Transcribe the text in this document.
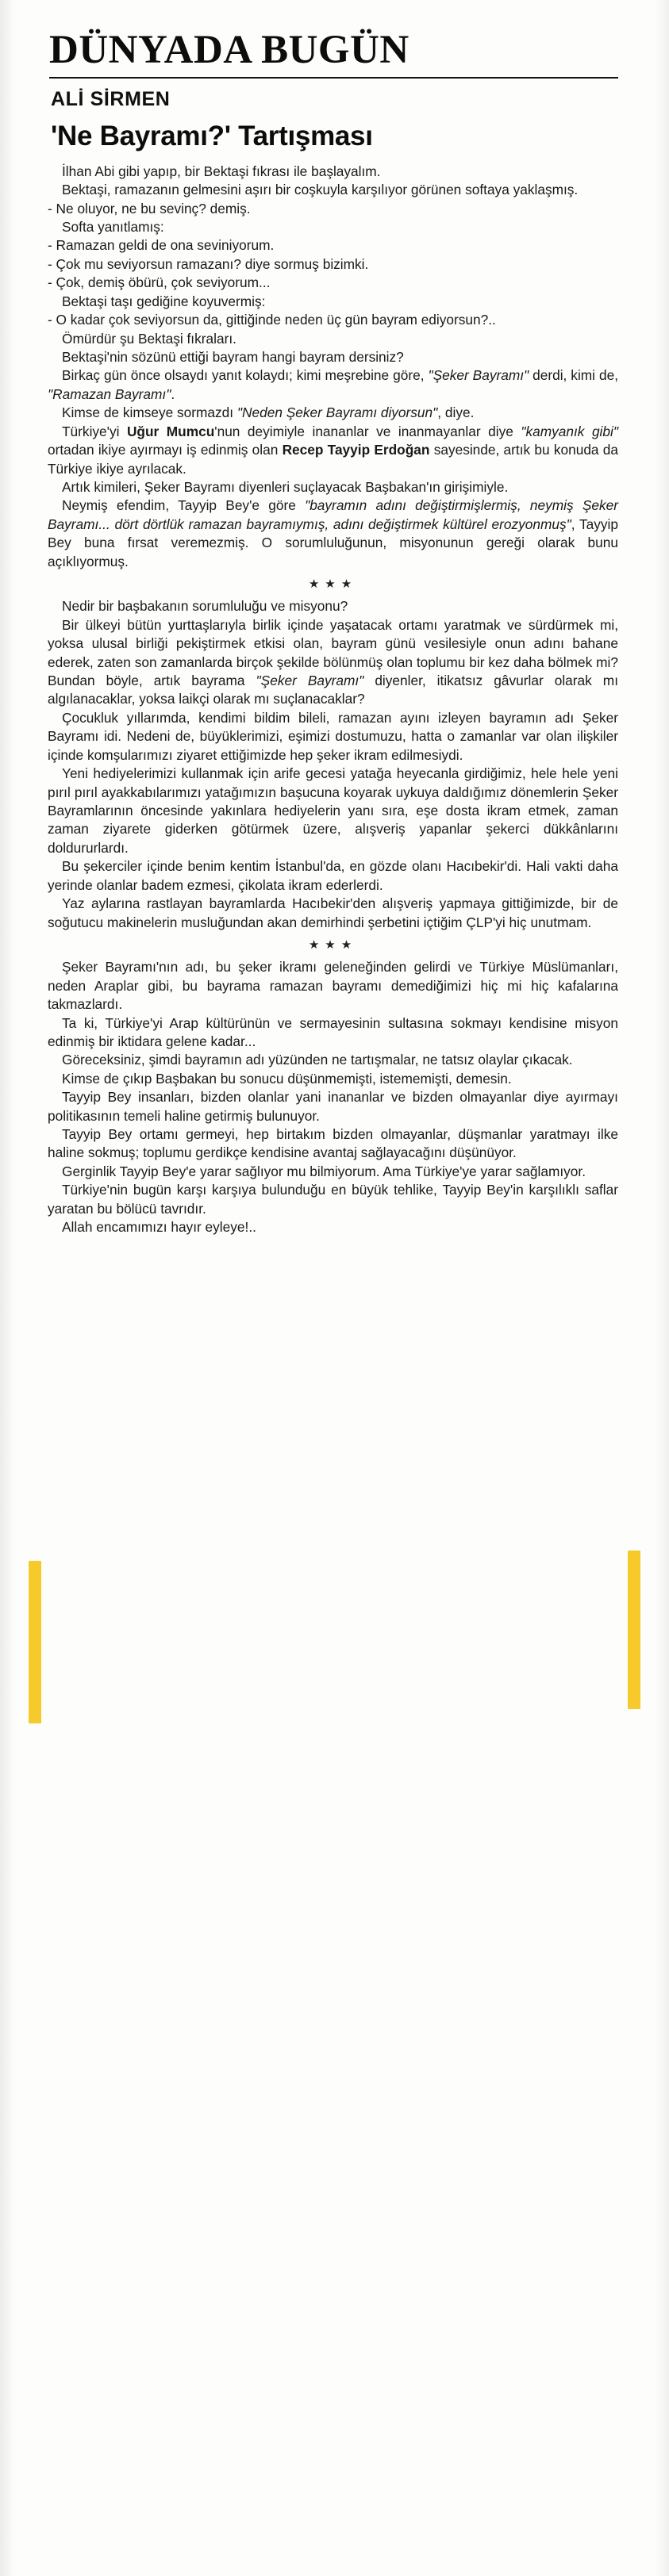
DÜNYADA BUGÜN
ALİ SİRMEN
'Ne Bayramı?' Tartışması

İlhan Abi gibi yapıp, bir Bektaşi fıkrası ile başlayalım.

Bektaşi, ramazanın gelmesini aşırı bir coşkuyla karşılıyor görünen softaya yaklaşmış.

- Ne oluyor, ne bu sevinç? demiş.

Softa yanıtlamış:

- Ramazan geldi de ona seviniyorum.

- Çok mu seviyorsun ramazanı? diye sormuş bizimki.

- Çok, demiş öbürü, çok seviyorum...

Bektaşi taşı gediğine koyuvermiş:

- O kadar çok seviyorsun da, gittiğinde neden üç gün bayram ediyorsun?..

Ömürdür şu Bektaşi fıkraları.

Bektaşi'nin sözünü ettiği bayram hangi bayram dersiniz?

Birkaç gün önce olsaydı yanıt kolaydı; kimi meşrebine göre, "Şeker Bayramı" derdi, kimi de, "Ramazan Bayramı".

Kimse de kimseye sormazdı "Neden Şeker Bayramı diyorsun", diye.

Türkiye'yi Uğur Mumcu'nun deyimiyle inananlar ve inanmayanlar diye "kamyanık gibi" ortadan ikiye ayırmayı iş edinmiş olan Recep Tayyip Erdoğan sayesinde, artık bu konuda da Türkiye ikiye ayrılacak.

Artık kimileri, Şeker Bayramı diyenleri suçlayacak Başbakan'ın girişimiyle.

Neymiş efendim, Tayyip Bey'e göre "bayramın adını değiştirmişlermiş, neymiş Şeker Bayramı... dört dörtlük ramazan bayramıymış, adını değiştirmek kültürel erozyonmuş", Tayyip Bey buna fırsat veremezmiş. O sorumluluğunun, misyonunun gereği olarak bunu açıklıyormuş.

★★★

Nedir bir başbakanın sorumluluğu ve misyonu?

Bir ülkeyi bütün yurttaşlarıyla birlik içinde yaşatacak ortamı yaratmak ve sürdürmek mi, yoksa ulusal birliği pekiştirmek etkisi olan, bayram günü vesilesiyle onun adını bahane ederek, zaten son zamanlarda birçok şekilde bölünmüş olan toplumu bir kez daha bölmek mi?Bundan böyle, artık bayrama "Şeker Bayramı" diyenler, itikatsız gâvurlar olarak mı algılanacaklar, yoksa laikçi olarak mı suçlanacaklar?

Çocukluk yıllarımda, kendimi bildim bileli, ramazan ayını izleyen bayramın adı Şeker Bayramı idi. Nedeni de, büyüklerimizi, eşimizi dostumuzu, hatta o zamanlar var olan ilişkiler içinde komşularımızı ziyaret ettiğimizde hep şeker ikram edilmesiydi.

Yeni hediyelerimizi kullanmak için arife gecesi yatağa heyecanla girdiğimiz, hele hele yeni pırıl pırıl ayakkabılarımızı yatağımızın başucuna koyarak uykuya daldığımız dönemlerin Şeker Bayramlarının öncesinde yakınlara hediyelerin yanı sıra, eşe dosta ikram etmek, zaman zaman ziyarete giderken götürmek üzere, alışveriş yapanlar şekerci dükkânlarını doldururlardı.

Bu şekerciler içinde benim kentim İstanbul'da, en gözde olanı Hacıbekir'di. Hali vakti daha yerinde olanlar badem ezmesi, çikolata ikram ederlerdi.

Yaz aylarına rastlayan bayramlarda Hacıbekir'den alışveriş yapmaya gittiğimizde, bir de soğutucu makinelerin musluğundan akan demirhindi şerbetini içtiğim ÇLP'yi hiç unutmam.

★★★

Şeker Bayramı'nın adı, bu şeker ikramı geleneğinden gelirdi ve Türkiye Müslümanları, neden Araplar gibi, bu bayrama ramazan bayramı demediğimizi hiç mi hiç kafalarına takmazlardı.

Ta ki, Türkiye'yi Arap kültürünün ve sermayesinin sultasına sokmayı kendisine misyon edinmiş bir iktidara gelene kadar...

Göreceksiniz, şimdi bayramın adı yüzünden ne tartışmalar, ne tatsız olaylar çıkacak.

Kimse de çıkıp Başbakan bu sonucu düşünmemişti, istememişti, demesin.

Tayyip Bey insanları, bizden olanlar yani inananlar ve bizden olmayanlar diye ayırmayı politikasının temeli haline getirmiş bulunuyor.

Tayyip Bey ortamı germeyi, hep birtakım bizden olmayanlar, düşmanlar yaratmayı ilke haline sokmuş; toplumu gerdikçe kendisine avantaj sağlayacağını düşünüyor.

Gerginlik Tayyip Bey'e yarar sağlıyor mu bilmiyorum. Ama Türkiye'ye yarar sağlamıyor.

Türkiye'nin bugün karşı karşıya bulunduğu en büyük tehlike, Tayyip Bey'in karşılıklı saflar yaratan bu bölücü tavrıdır.

Allah encamımızı hayır eyleye!..
